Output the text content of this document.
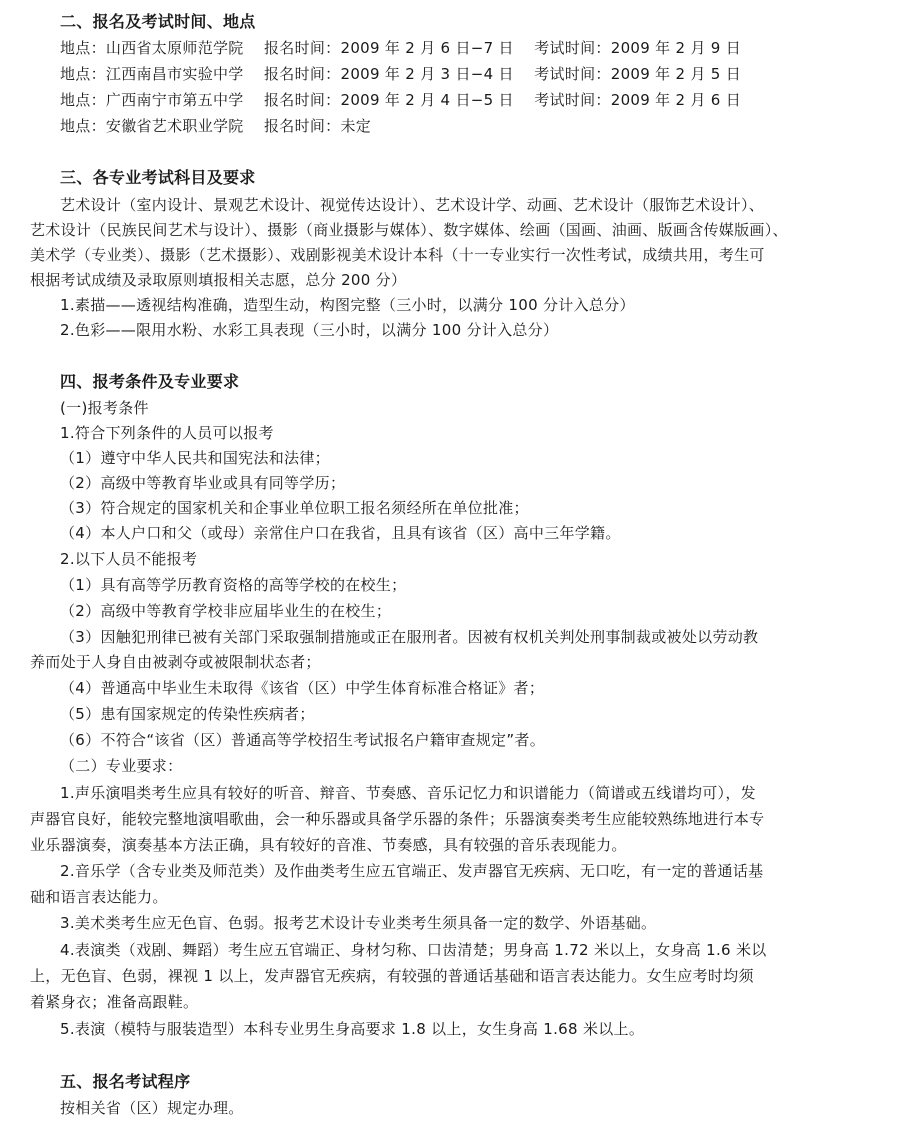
二、报名及考试时间、地点
地点：山西省太原师范学院　 报名时间：2009 年 2 月 6 日−7 日　 考试时间：2009 年 2 月 9 日
地点：江西南昌市实验中学　 报名时间：2009 年 2 月 3 日−4 日　 考试时间：2009 年 2 月 5 日
地点：广西南宁市第五中学　 报名时间：2009 年 2 月 4 日−5 日　 考试时间：2009 年 2 月 6 日
地点：安徽省艺术职业学院　 报名时间：未定
三、各专业考试科目及要求
艺术设计（室内设计、景观艺术设计、视觉传达设计）、艺术设计学、动画、艺术设计（服饰艺术设计）、
艺术设计（民族民间艺术与设计）、摄影（商业摄影与媒体）、数字媒体、绘画（国画、油画、版画含传媒版画）、
美术学（专业类）、摄影（艺术摄影）、戏剧影视美术设计本科（十一专业实行一次性考试，成绩共用，考生可
根据考试成绩及录取原则填报相关志愿，总分 200 分）
1.素描——透视结构准确，造型生动，构图完整（三小时，以满分 100 分计入总分）
2.色彩——限用水粉、水彩工具表现（三小时，以满分 100 分计入总分）
四、报考条件及专业要求
(一)报考条件
1.符合下列条件的人员可以报考
（1）遵守中华人民共和国宪法和法律；
（2）高级中等教育毕业或具有同等学历；
（3）符合规定的国家机关和企事业单位职工报名须经所在单位批准；
（4）本人户口和父（或母）亲常住户口在我省，且具有该省（区）高中三年学籍。
2.以下人员不能报考
（1）具有高等学历教育资格的高等学校的在校生；
（2）高级中等教育学校非应届毕业生的在校生；
（3）因触犯刑律已被有关部门采取强制措施或正在服刑者。因被有权机关判处刑事制裁或被处以劳动教
养而处于人身自由被剥夺或被限制状态者；
（4）普通高中毕业生未取得《该省（区）中学生体育标准合格证》者；
（5）患有国家规定的传染性疾病者；
（6）不符合“该省（区）普通高等学校招生考试报名户籍审查规定”者。
（二）专业要求：
1.声乐演唱类考生应具有较好的听音、辩音、节奏感、音乐记忆力和识谱能力（简谱或五线谱均可），发
声器官良好，能较完整地演唱歌曲，会一种乐器或具备学乐器的条件；乐器演奏类考生应能较熟练地进行本专
业乐器演奏，演奏基本方法正确，具有较好的音准、节奏感，具有较强的音乐表现能力。
2.音乐学（含专业类及师范类）及作曲类考生应五官端正、发声器官无疾病、无口吃，有一定的普通话基
础和语言表达能力。
3.美术类考生应无色盲、色弱。报考艺术设计专业类考生须具备一定的数学、外语基础。
4.表演类（戏剧、舞蹈）考生应五官端正、身材匀称、口齿清楚；男身高 1.72 米以上，女身高 1.6 米以
上，无色盲、色弱，裸视 1 以上，发声器官无疾病，有较强的普通话基础和语言表达能力。女生应考时均须
着紧身衣；准备高跟鞋。
5.表演（模特与服装造型）本科专业男生身高要求 1.8 以上，女生身高 1.68 米以上。
五、报名考试程序
按相关省（区）规定办理。
